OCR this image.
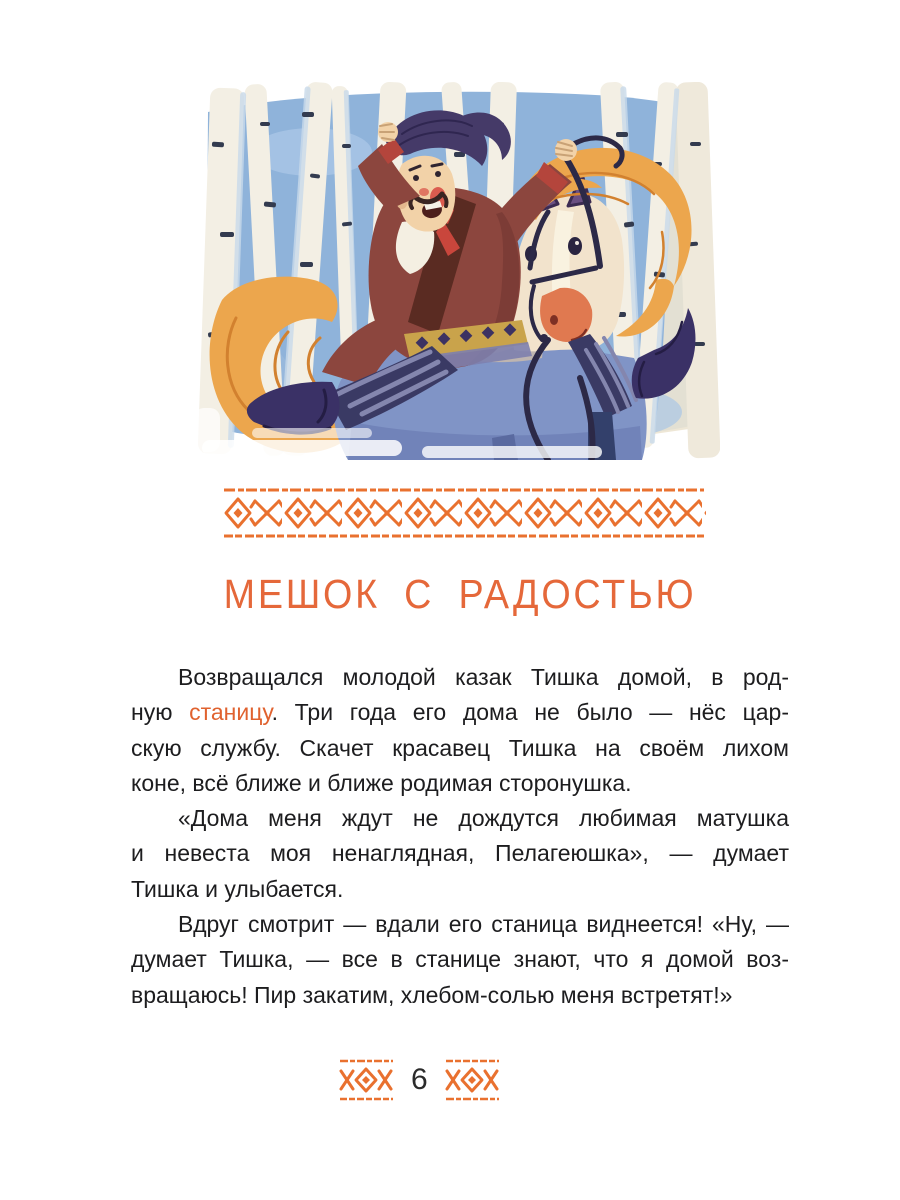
МЕШОК С РАДОСТЬЮ
Возвращался молодой казак Тишка домой, в род-
ную станицу. Три года его дома не было — нёс цар-
скую службу. Скачет красавец Тишка на своём лихом
коне, всё ближе и ближе родимая сторонушка.
«Дома меня ждут не дождутся любимая матушка
и невеста моя ненаглядная, Пелагеюшка», — думает
Тишка и улыбается.
Вдруг смотрит — вдали его станица виднеется! «Ну, —
думает Тишка, — все в станице знают, что я домой воз-
вращаюсь! Пир закатим, хлебом-солью меня встретят!»
6
